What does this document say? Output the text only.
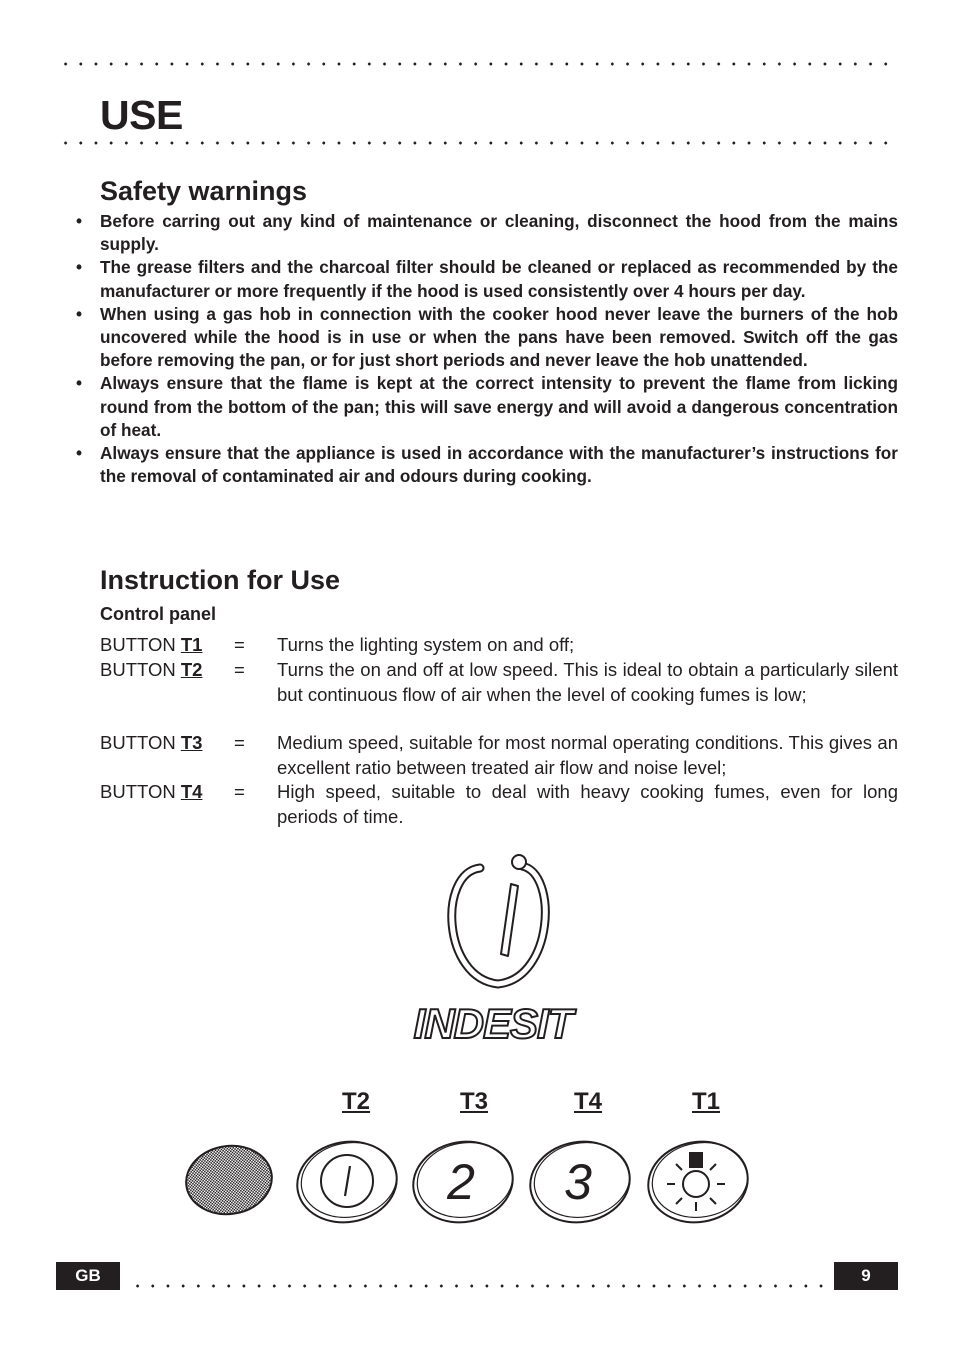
USE
Safety warnings
• Before carring out any kind of maintenance or cleaning, disconnect the hood from the mains supply.
• The grease filters and the charcoal filter should be cleaned or replaced as recommended by the manufacturer or more frequently if the hood is used consistently over 4 hours per day.
• When using a gas hob in connection with the cooker hood never leave the burners of the hob uncovered while the hood is in use or when the pans have been removed. Switch off the gas before removing the pan, or for just short periods and never leave the hob unattended.
• Always ensure that the flame is kept at the correct intensity to prevent the flame from licking round from the bottom of the pan; this will save energy and will avoid a dangerous concentration of heat.
• Always ensure that the appliance is used in accordance with the manufacturer’s instructions for the removal of contaminated air and odours during cooking.
Instruction for Use
Control panel
BUTTON T1 = Turns the lighting system on and off;
BUTTON T2 = Turns the on and off at low speed. This is ideal to obtain a particularly silent but continuous flow of air when the level of cooking fumes is low;
BUTTON T3 = Medium speed, suitable for most normal operating conditions. This gives an excellent ratio between treated air flow and noise level;
BUTTON T4 = High speed, suitable to deal with heavy cooking fumes, even for long periods of time.
INDESIT
T2	T3	T4	T1
2 3
GB	9
